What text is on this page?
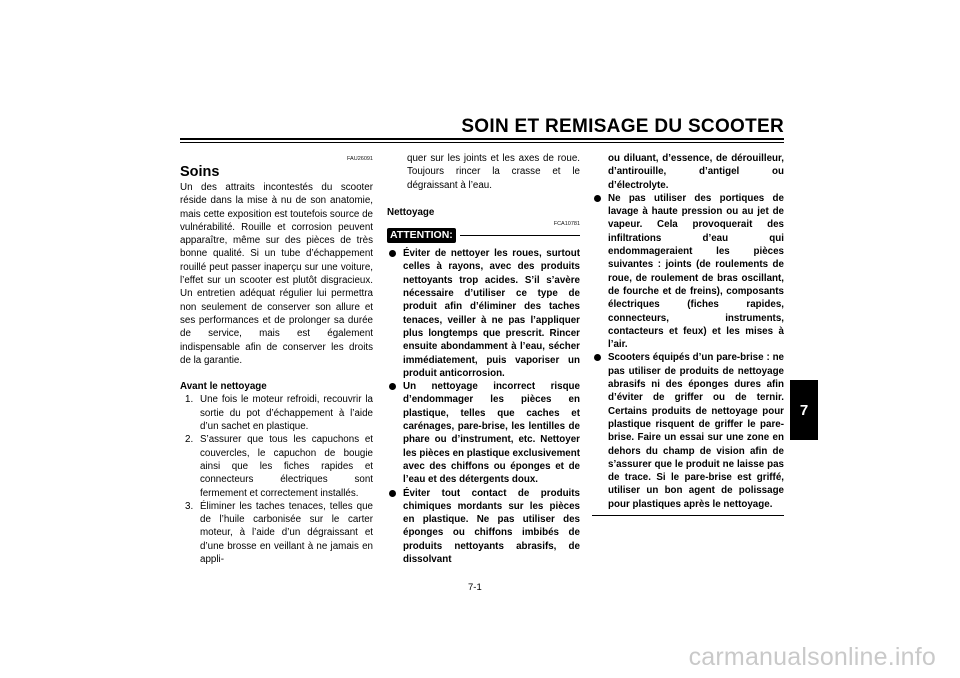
SOIN ET REMISAGE DU SCOOTER
7
FAU26091
Soins

Un des attraits incontestés du scooter réside dans la mise à nu de son anatomie, mais cette exposition est toutefois source de vulnérabilité. Rouille et corrosion peuvent apparaître, même sur des pièces de très bonne qualité. Si un tube d’échappement rouillé peut passer inaperçu sur une voiture, l’effet sur un scooter est plutôt disgracieux. Un entretien adéquat régulier lui permettra non seulement de conserver son allure et ses performances et de prolonger sa durée de service, mais est également indispensable afin de conserver les droits de la garantie.

Avant le nettoyage
1. Une fois le moteur refroidi, recouvrir la sortie du pot d’échappement à l’aide d’un sachet en plastique.
2. S’assurer que tous les capuchons et couvercles, le capuchon de bougie ainsi que les fiches rapides et connecteurs électriques sont fermement et correctement installés.
3. Éliminer les taches tenaces, telles que de l’huile carbonisée sur le carter moteur, à l’aide d’un dégraissant et d’une brosse en veillant à ne jamais en appli-
quer sur les joints et les axes de roue. Toujours rincer la crasse et le dégraissant à l’eau.
Nettoyage
FCA10781
ATTENTION:
Éviter de nettoyer les roues, surtout celles à rayons, avec des produits nettoyants trop acides. S’il s’avère nécessaire d’utiliser ce type de produit afin d’éliminer des taches tenaces, veiller à ne pas l’appliquer plus longtemps que prescrit. Rincer ensuite abondamment à l’eau, sécher immédiatement, puis vaporiser un produit anticorrosion.
Un nettoyage incorrect risque d’endommager les pièces en plastique, telles que caches et carénages, pare-brise, les lentilles de phare ou d’instrument, etc. Nettoyer les pièces en plastique exclusivement avec des chiffons ou éponges et de l’eau et des détergents doux.
Éviter tout contact de produits chimiques mordants sur les pièces en plastique. Ne pas utiliser des éponges ou chiffons imbibés de produits nettoyants abrasifs, de dissolvant
ou diluant, d’essence, de dérouilleur, d’antirouille, d’antigel ou d’électrolyte.
Ne pas utiliser des portiques de lavage à haute pression ou au jet de vapeur. Cela provoquerait des infiltrations d’eau qui endommageraient les pièces suivantes : joints (de roulements de roue, de roulement de bras oscillant, de fourche et de freins), composants électriques (fiches rapides, connecteurs, instruments, contacteurs et feux) et les mises à l’air.
Scooters équipés d’un pare-brise : ne pas utiliser de produits de nettoyage abrasifs ni des éponges dures afin d’éviter de griffer ou de ternir. Certains produits de nettoyage pour plastique risquent de griffer le pare-brise. Faire un essai sur une zone en dehors du champ de vision afin de s’assurer que le produit ne laisse pas de trace. Si le pare-brise est griffé, utiliser un bon agent de polissage pour plastiques après le nettoyage.
7-1
carmanualsonline.info
